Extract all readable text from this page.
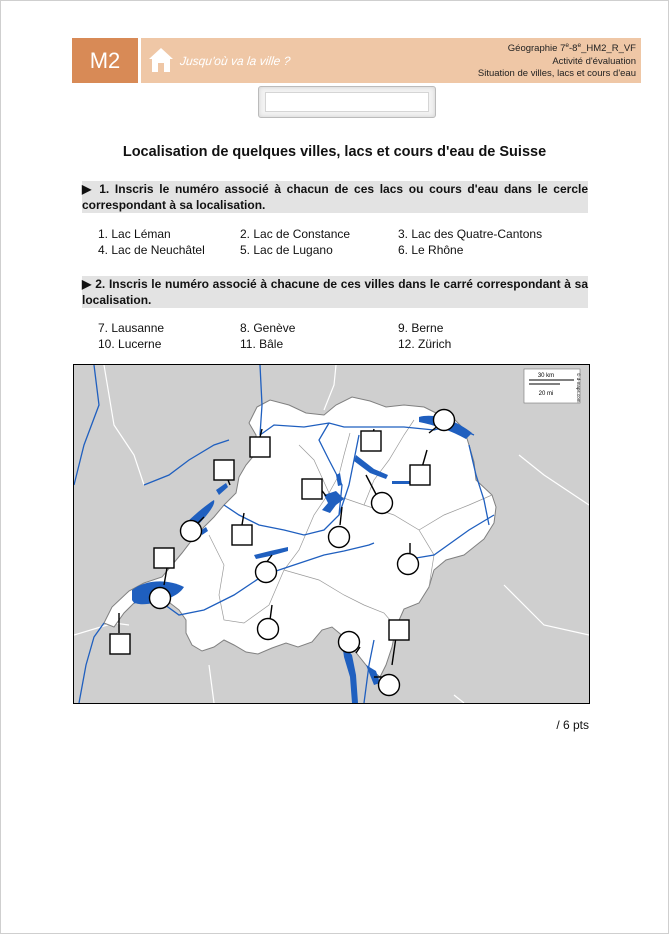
M2	Jusqu'où va la ville ?
Géographie 7e-8e_HM2_R_VF
Activité d'évaluation
Situation de villes, lacs et cours d'eau
Localisation de quelques villes, lacs et cours d'eau de Suisse
▶ 1. Inscris le numéro associé à chacun de ces lacs ou cours d'eau dans le cercle correspondant à sa localisation.
1. Lac Léman	2. Lac de Constance	3. Lac des Quatre-Cantons
4. Lac de Neuchâtel	5. Lac de Lugano	6. Le Rhône
▶ 2. Inscris le numéro associé à chacune de ces villes dans le carré correspondant à sa localisation.
7. Lausanne	8. Genève	9. Berne
10. Lucerne	11. Bâle	12. Zürich
30 km
20 mi	© d-maps.com
/ 6 pts
